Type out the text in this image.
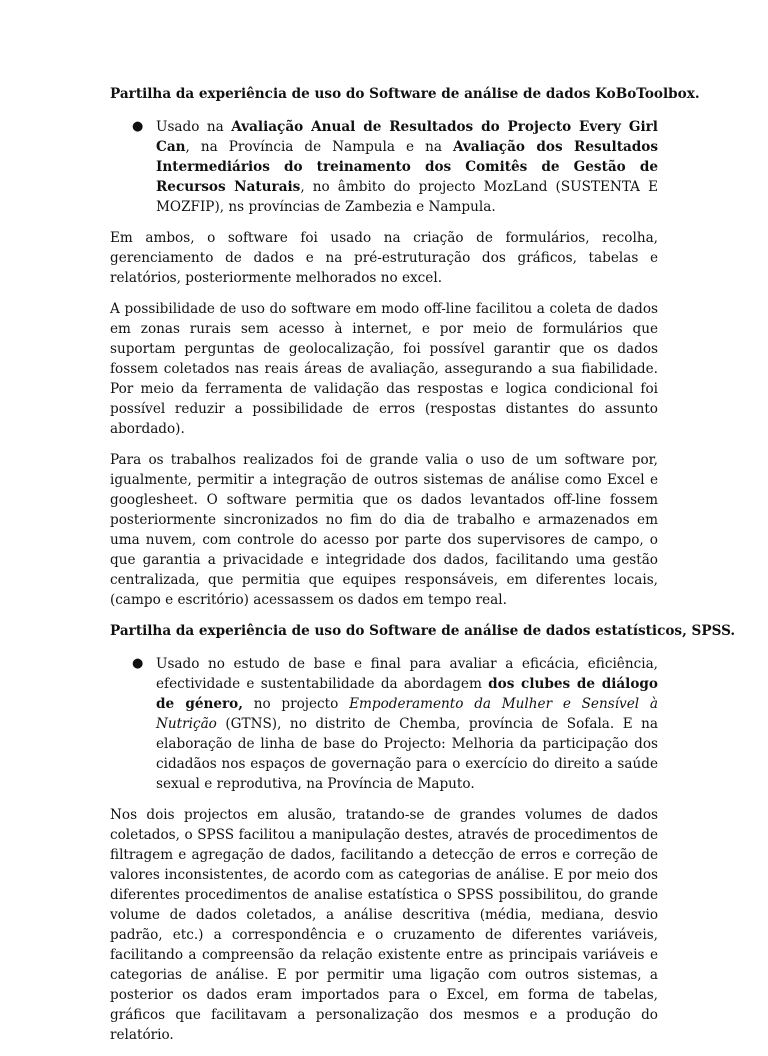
Partilha da experiência de uso do Software de análise de dados KoBoToolbox.

● Usado na Avaliação Anual de Resultados do Projecto Every Girl Can, na Província de Nampula e na Avaliação dos Resultados Intermediários do treinamento dos Comitês de Gestão de Recursos Naturais, no âmbito do projecto MozLand (SUSTENTA E MOZFIP), ns províncias de Zambezia e Nampula.

Em ambos, o software foi usado na criação de formulários, recolha, gerenciamento de dados e na pré-estruturação dos gráficos, tabelas e relatórios, posteriormente melhorados no excel.

A possibilidade de uso do software em modo off-line facilitou a coleta de dados em zonas rurais sem acesso à internet, e por meio de formulários que suportam perguntas de geolocalização, foi possível garantir que os dados fossem coletados nas reais áreas de avaliação, assegurando a sua fiabilidade. Por meio da ferramenta de validação das respostas e logica condicional foi possível reduzir a possibilidade de erros (respostas distantes do assunto abordado).

Para os trabalhos realizados foi de grande valia o uso de um software por, igualmente, permitir a integração de outros sistemas de análise como Excel e googlesheet. O software permitia que os dados levantados off-line fossem posteriormente sincronizados no fim do dia de trabalho e armazenados em uma nuvem, com controle do acesso por parte dos supervisores de campo, o que garantia a privacidade e integridade dos dados, facilitando uma gestão centralizada, que permitia que equipes responsáveis, em diferentes locais, (campo e escritório) acessassem os dados em tempo real.

Partilha da experiência de uso do Software de análise de dados estatísticos, SPSS.

● Usado no estudo de base e final para avaliar a eficácia, eficiência, efectividade e sustentabilidade da abordagem dos clubes de diálogo de género, no projecto Empoderamento da Mulher e Sensível à Nutrição (GTNS), no distrito de Chemba, província de Sofala. E na elaboração de linha de base do Projecto: Melhoria da participação dos cidadãos nos espaços de governação para o exercício do direito a saúde sexual e reprodutiva, na Província de Maputo.

Nos dois projectos em alusão, tratando-se de grandes volumes de dados coletados, o SPSS facilitou a manipulação destes, através de procedimentos de filtragem e agregação de dados, facilitando a detecção de erros e correção de valores inconsistentes, de acordo com as categorias de análise. E por meio dos diferentes procedimentos de analise estatística o SPSS possibilitou, do grande volume de dados coletados, a análise descritiva (média, mediana, desvio padrão, etc.) a correspondência e o cruzamento de diferentes variáveis, facilitando a compreensão da relação existente entre as principais variáveis e categorias de análise. E por permitir uma ligação com outros sistemas, a posterior os dados eram importados para o Excel, em forma de tabelas, gráficos que facilitavam a personalização dos mesmos e a produção do relatório.
